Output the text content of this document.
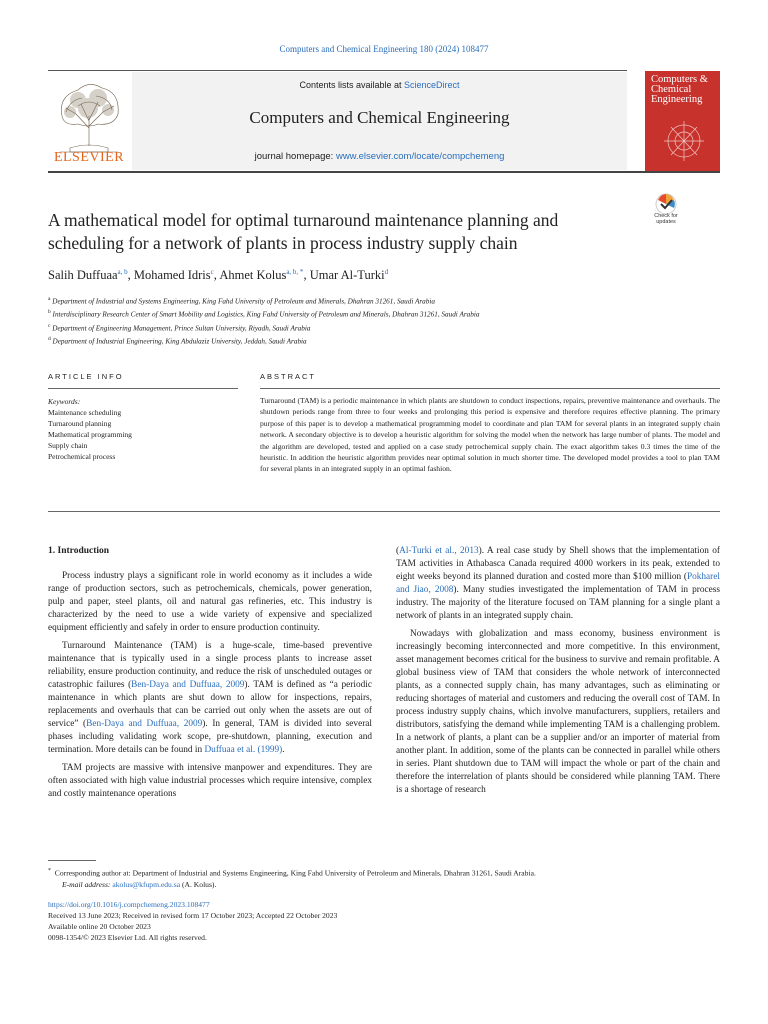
Computers and Chemical Engineering 180 (2024) 108477
ELSEVIER
Contents lists available at ScienceDirect
Computers and Chemical Engineering
journal homepage: www.elsevier.com/locate/compchemeng
Computers & Chemical Engineering
Check for updates
A mathematical model for optimal turnaround maintenance planning and scheduling for a network of plants in process industry supply chain
Salih Duffuaa$^{a, b}$, Mohamed Idris$^c$, Ahmet Kolus$^{a, b, *}$, Umar Al-Turki$^d$
$^a$ Department of Industrial and Systems Engineering, King Fahd University of Petroleum and Minerals, Dhahran 31261, Saudi Arabia
$^b$ Interdisciplinary Research Center of Smart Mobility and Logistics, King Fahd University of Petroleum and Minerals, Dhahran 31261, Saudi Arabia
$^c$ Department of Engineering Management, Prince Sultan University, Riyadh, Saudi Arabia
$^d$ Department of Industrial Engineering, King Abdulaziz University, Jeddah, Saudi Arabia
ARTICLE INFO	ABSTRACT
Keywords:
Maintenance scheduling
Turnaround planning
Mathematical programming
Supply chain
Petrochemical process
Turnaround (TAM) is a periodic maintenance in which plants are shutdown to conduct inspections, repairs, preventive maintenance and overhauls. The shutdown periods range from three to four weeks and prolonging this period is expensive and therefore requires effective planning. The primary purpose of this paper is to develop a mathematical programming model to coordinate and plan TAM for several plants in an integrated supply chain network. A secondary objective is to develop a heuristic algorithm for solving the model when the network has large number of plants. The model and the algorithm are developed, tested and applied on a case study petrochemical supply chain. The exact algorithm takes 0.3 times the time of the heuristic. In addition the heuristic algorithm provides near optimal solution in much shorter time. The developed model provides a tool to plan TAM for several plants in an integrated supply in an optimal fashion.
1. Introduction

Process industry plays a significant role in world economy as it includes a wide range of production sectors, such as petrochemicals, chemicals, power generation, pulp and paper, steel plants, oil and natural gas refineries, etc. This industry is characterized by the need to use a wide variety of expensive and specialized equipment efficiently and safely in order to ensure production continuity.

Turnaround Maintenance (TAM) is a huge-scale, time-based preventive maintenance that is typically used in a single process plants to increase asset reliability, ensure production continuity, and reduce the risk of unscheduled outages or catastrophic failures (Ben-Daya and Duffuaa, 2009). TAM is defined as “a periodic maintenance in which plants are shut down to allow for inspections, repairs, replacements and overhauls that can be carried out only when the assets are out of service” (Ben-Daya and Duffuaa, 2009). In general, TAM is divided into several phases including validating work scope, pre-shutdown, planning, execution and termination. More details can be found in Duffuaa et al. (1999).

TAM projects are massive with intensive manpower and expenditures. They are often associated with high value industrial processes which require intensive, complex and costly maintenance operations

(Al-Turki et al., 2013). A real case study by Shell shows that the implementation of TAM activities in Athabasca Canada required 4000 workers in its peak, extended to eight weeks beyond its planned duration and costed more than $100 million (Pokharel and Jiao, 2008). Many studies investigated the implementation of TAM in process industry. The majority of the literature focused on TAM planning for a single plant a network of plants in an integrated supply chain.

Nowadays with globalization and mass economy, business environment is increasingly becoming interconnected and more competitive. In this environment, asset management becomes critical for the business to survive and remain profitable. A global business view of TAM that considers the whole network of interconnected plants, as a connected supply chain, has many advantages, such as eliminating or reducing shortages of material and customers and reducing the overall cost of TAM. In process industry supply chains, which involve manufacturers, suppliers, retailers and distributors, satisfying the demand while implementing TAM is a challenging problem. In a network of plants, a plant can be a supplier and/or an importer of material from another plant. In addition, some of the plants can be connected in parallel while others in series. Plant shutdown due to TAM will impact the whole or part of the chain and therefore the interrelation of plants should be considered while planning TAM. There is a shortage of research

* Corresponding author at: Department of Industrial and Systems Engineering, King Fahd University of Petroleum and Minerals, Dhahran 31261, Saudi Arabia.
E-mail address: akolus@kfupm.edu.sa (A. Kolus).
https://doi.org/10.1016/j.compchemeng.2023.108477
Received 13 June 2023; Received in revised form 17 October 2023; Accepted 22 October 2023
Available online 20 October 2023
0098-1354/© 2023 Elsevier Ltd. All rights reserved.
